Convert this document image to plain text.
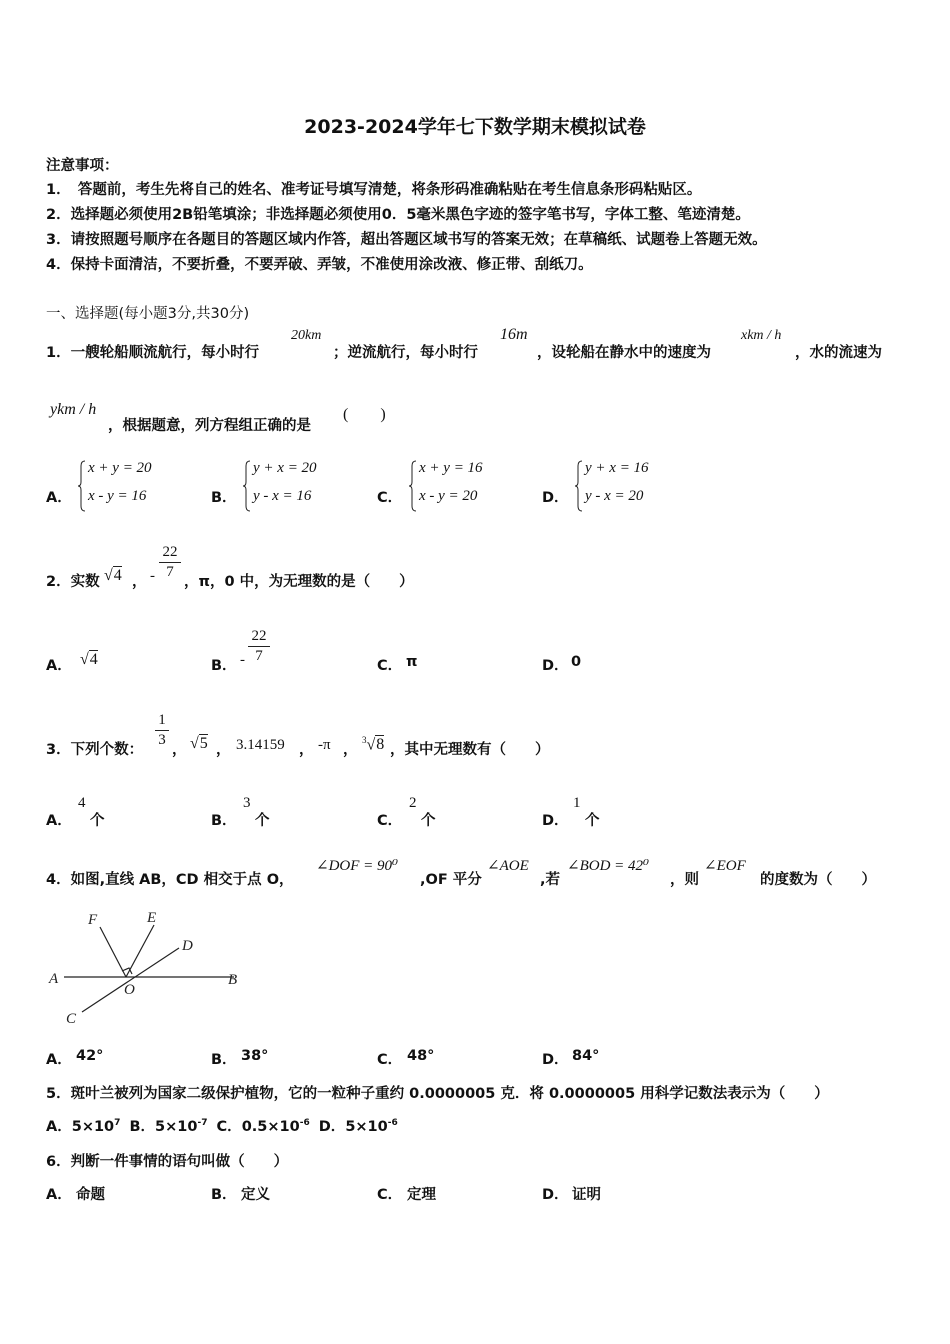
2023-2024学年七下数学期末模拟试卷
注意事项：
1．　答题前，考生先将自己的姓名、准考证号填写清楚，将条形码准确粘贴在考生信息条形码粘贴区。
2．选择题必须使用2B铅笔填涂；非选择题必须使用0．5毫米黑色字迹的签字笔书写，字体工整、笔迹清楚。
3．请按照题号顺序在各题目的答题区域内作答，超出答题区域书写的答案无效；在草稿纸、试题卷上答题无效。
4．保持卡面清洁，不要折叠，不要弄破、弄皱，不准使用涂改液、修正带、刮纸刀。
一、选择题(每小题3分,共30分)
1．一艘轮船顺流航行，每小时行
20km
；逆流航行，每小时行
16m
，设轮船在静水中的速度为
xkm / h
，水的流速为
ykm / h
，根据题意，列方程组正确的是
(　　)
A．
x + y = 20
x - y = 16	B．
y + x = 20
y - x = 16	C．
x + y = 16
x - y = 20	D．
y + x = 16
y - x = 20
2．实数 √4 ， -
22
7
，π，0 中，为无理数的是（　　）
A． √4	B． -
22
7
C． π	D． 0
3．下列个数：
1
3
， √5 ， 3.14159 ， -π ，
$^3$√8 ，其中无理数有（　　）
A．
4
个	B．
3
个	C．
2
个	D．
1
个
4．如图,直线 AB，CD 相交于点 O，
∠DOF = 90⁰
,OF 平分
∠AOE
,若
∠BOD = 42⁰
，则
∠EOF
的度数为（　　）
F	E
D
A
O
B
C
A． 42°	B． 38°	C． 48°	D． 84°
5．斑叶兰被列为国家二级保护植物，它的一粒种子重约 0.0000005 克．将 0.0000005 用科学记数法表示为（　　）
A．$5\times 10^7$ B．$5\times 10^{-7}$ C．$0.5\times 10^{-6}$ D．$5\times 10^{-6}$
6．判断一件事情的语句叫做（　　）
A． 命题	B． 定义	C． 定理	D． 证明
